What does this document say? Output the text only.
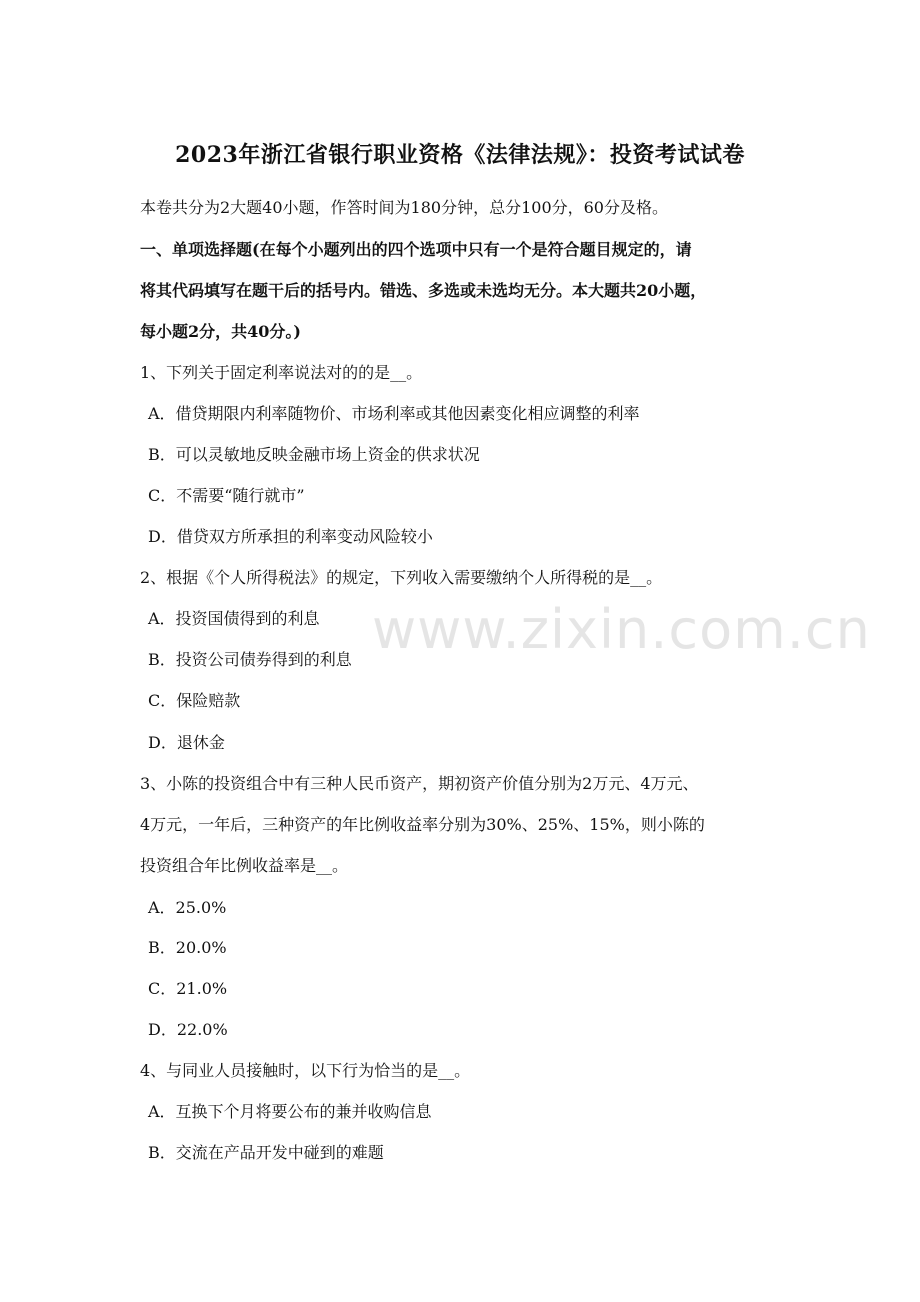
www.zixin.com.cn
2023年浙江省银行职业资格《法律法规》：投资考试试卷
本卷共分为2大题40小题，作答时间为180分钟，总分100分，60分及格。
一、单项选择题(在每个小题列出的四个选项中只有一个是符合题目规定的，请
将其代码填写在题干后的括号内。错选、多选或未选均无分。本大题共20小题，
每小题2分，共40分。)
1、下列关于固定利率说法对的的是__。
A．借贷期限内利率随物价、市场利率或其他因素变化相应调整的利率
B．可以灵敏地反映金融市场上资金的供求状况
C．不需要“随行就市”
D．借贷双方所承担的利率变动风险较小
2、根据《个人所得税法》的规定，下列收入需要缴纳个人所得税的是__。
A．投资国债得到的利息
B．投资公司债券得到的利息
C．保险赔款
D．退休金
3、小陈的投资组合中有三种人民币资产，期初资产价值分别为2万元、4万元、
4万元，一年后，三种资产的年比例收益率分别为30%、25%、15%，则小陈的
投资组合年比例收益率是__。
A．25.0%
B．20.0%
C．21.0%
D．22.0%
4、与同业人员接触时，以下行为恰当的是__。
A．互换下个月将要公布的兼并收购信息
B．交流在产品开发中碰到的难题
